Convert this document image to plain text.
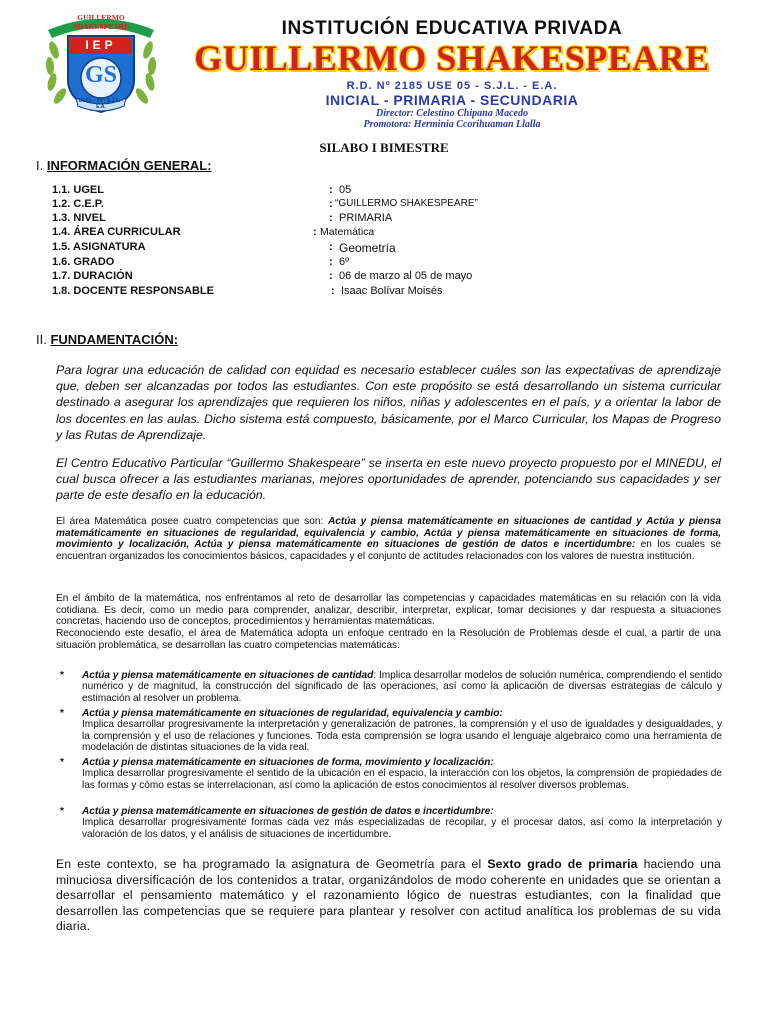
GUILLERMO SHAKESPEARE
IEP
GS
UGEL - 05 - S.J.L. - E.A.
INSTITUCIÓN EDUCATIVA PRIVADA
GUILLERMO SHAKESPEARE
R.D. Nº 2185 USE 05 - S.J.L. - E.A.
INICIAL - PRIMARIA - SECUNDARIA
Director: Celestino Chipana Macedo
Promotora: Herminia Ccorihuaman Llalla
SILABO I BIMESTRE
I. INFORMACIÓN GENERAL:
1.1. UGEL	: 05
1.2. C.E.P.	: “GUILLERMO SHAKESPEARE”
1.3. NIVEL	: PRIMARIA
1.4. ÁREA CURRICULAR	: Matemática
1.5. ASIGNATURA	: Geometría
1.6. GRADO	: 6º
1.7. DURACIÓN	: 06 de marzo al 05 de mayo
1.8. DOCENTE RESPONSABLE	: Isaac Bolívar Moisés
II. FUNDAMENTACIÓN:
Para lograr una educación de calidad con equidad es necesario establecer cuáles son las expectativas de aprendizaje que, deben ser alcanzadas por todos las estudiantes. Con este propósito se está desarrollando un sistema curricular destinado a asegurar los aprendizajes que requieren los niños, niñas y adolescentes en el país, y a orientar la labor de los docentes en las aulas. Dicho sistema está compuesto, básicamente, por el Marco Curricular, los Mapas de Progreso y las Rutas de Aprendizaje.
El Centro Educativo Particular “Guillermo Shakespeare” se inserta en este nuevo proyecto propuesto por el MINEDU, el cual busca ofrecer a las estudiantes marianas, mejores oportunidades de aprender, potenciando sus capacidades y ser parte de este desafío en la educación.
El área Matemática posee cuatro competencias que son: Actúa y piensa matemáticamente en situaciones de cantidad y Actúa y piensa matemáticamente en situaciones de regularidad, equivalencia y cambio, Actúa y piensa matemáticamente en situaciones de forma, movimiento y localización, Actúa y piensa matemáticamente en situaciones de gestión de datos e incertidumbre: en los cuales se encuentran organizados los conocimientos básicos, capacidades y el conjunto de actitudes relacionados con los valores de nuestra institución.
En el ámbito de la matemática, nos enfrentamos al reto de desarrollar las competencias y capacidades matemáticas en su relación con la vida cotidiana. Es decir, como un medio para comprender, analizar, describir, interpretar, explicar, tomar decisiones y dar respuesta a situaciones concretas, haciendo uso de conceptos, procedimientos y herramientas matemáticas.
Reconociendo este desafío, el área de Matemática adopta un enfoque centrado en la Resolución de Problemas desde el cual, a partir de una situación problemática, se desarrollan las cuatro competencias matemáticas:
* Actúa y piensa matemáticamente en situaciones de cantidad: Implica desarrollar modelos de solución numérica, comprendiendo el sentido numérico y de magnitud, la construcción del significado de las operaciones, así como la aplicación de diversas estrategias de cálculo y estimación al resolver un problema.
* Actúa y piensa matemáticamente en situaciones de regularidad, equivalencia y cambio:
Implica desarrollar progresivamente la interpretación y generalización de patrones, la comprensión y el uso de igualdades y desigualdades, y la comprensión y el uso de relaciones y funciones. Toda esta comprensión se logra usando el lenguaje algebraico como una herramienta de modelación de distintas situaciones de la vida real.
* Actúa y piensa matemáticamente en situaciones de forma, movimiento y localización:
Implica desarrollar progresivamente el sentido de la ubicación en el espacio, la interacción con los objetos, la comprensión de propiedades de las formas y cómo estas se interrelacionan, así como la aplicación de estos conocimientos al resolver diversos problemas.
* Actúa y piensa matemáticamente en situaciones de gestión de datos e incertidumbre:
Implica desarrollar progresivamente formas cada vez más especializadas de recopilar, y el procesar datos, así como la interpretación y valoración de los datos, y el análisis de situaciones de incertidumbre.
En este contexto, se ha programado la asignatura de Geometría para el Sexto grado de primaria haciendo una minuciosa diversificación de los contenidos a tratar, organizándolos de modo coherente en unidades que se orientan a desarrollar el pensamiento matemático y el razonamiento lógico de nuestras estudiantes, con la finalidad que desarrollen las competencias que se requiere para plantear y resolver con actitud analítica los problemas de su vida diaria.
